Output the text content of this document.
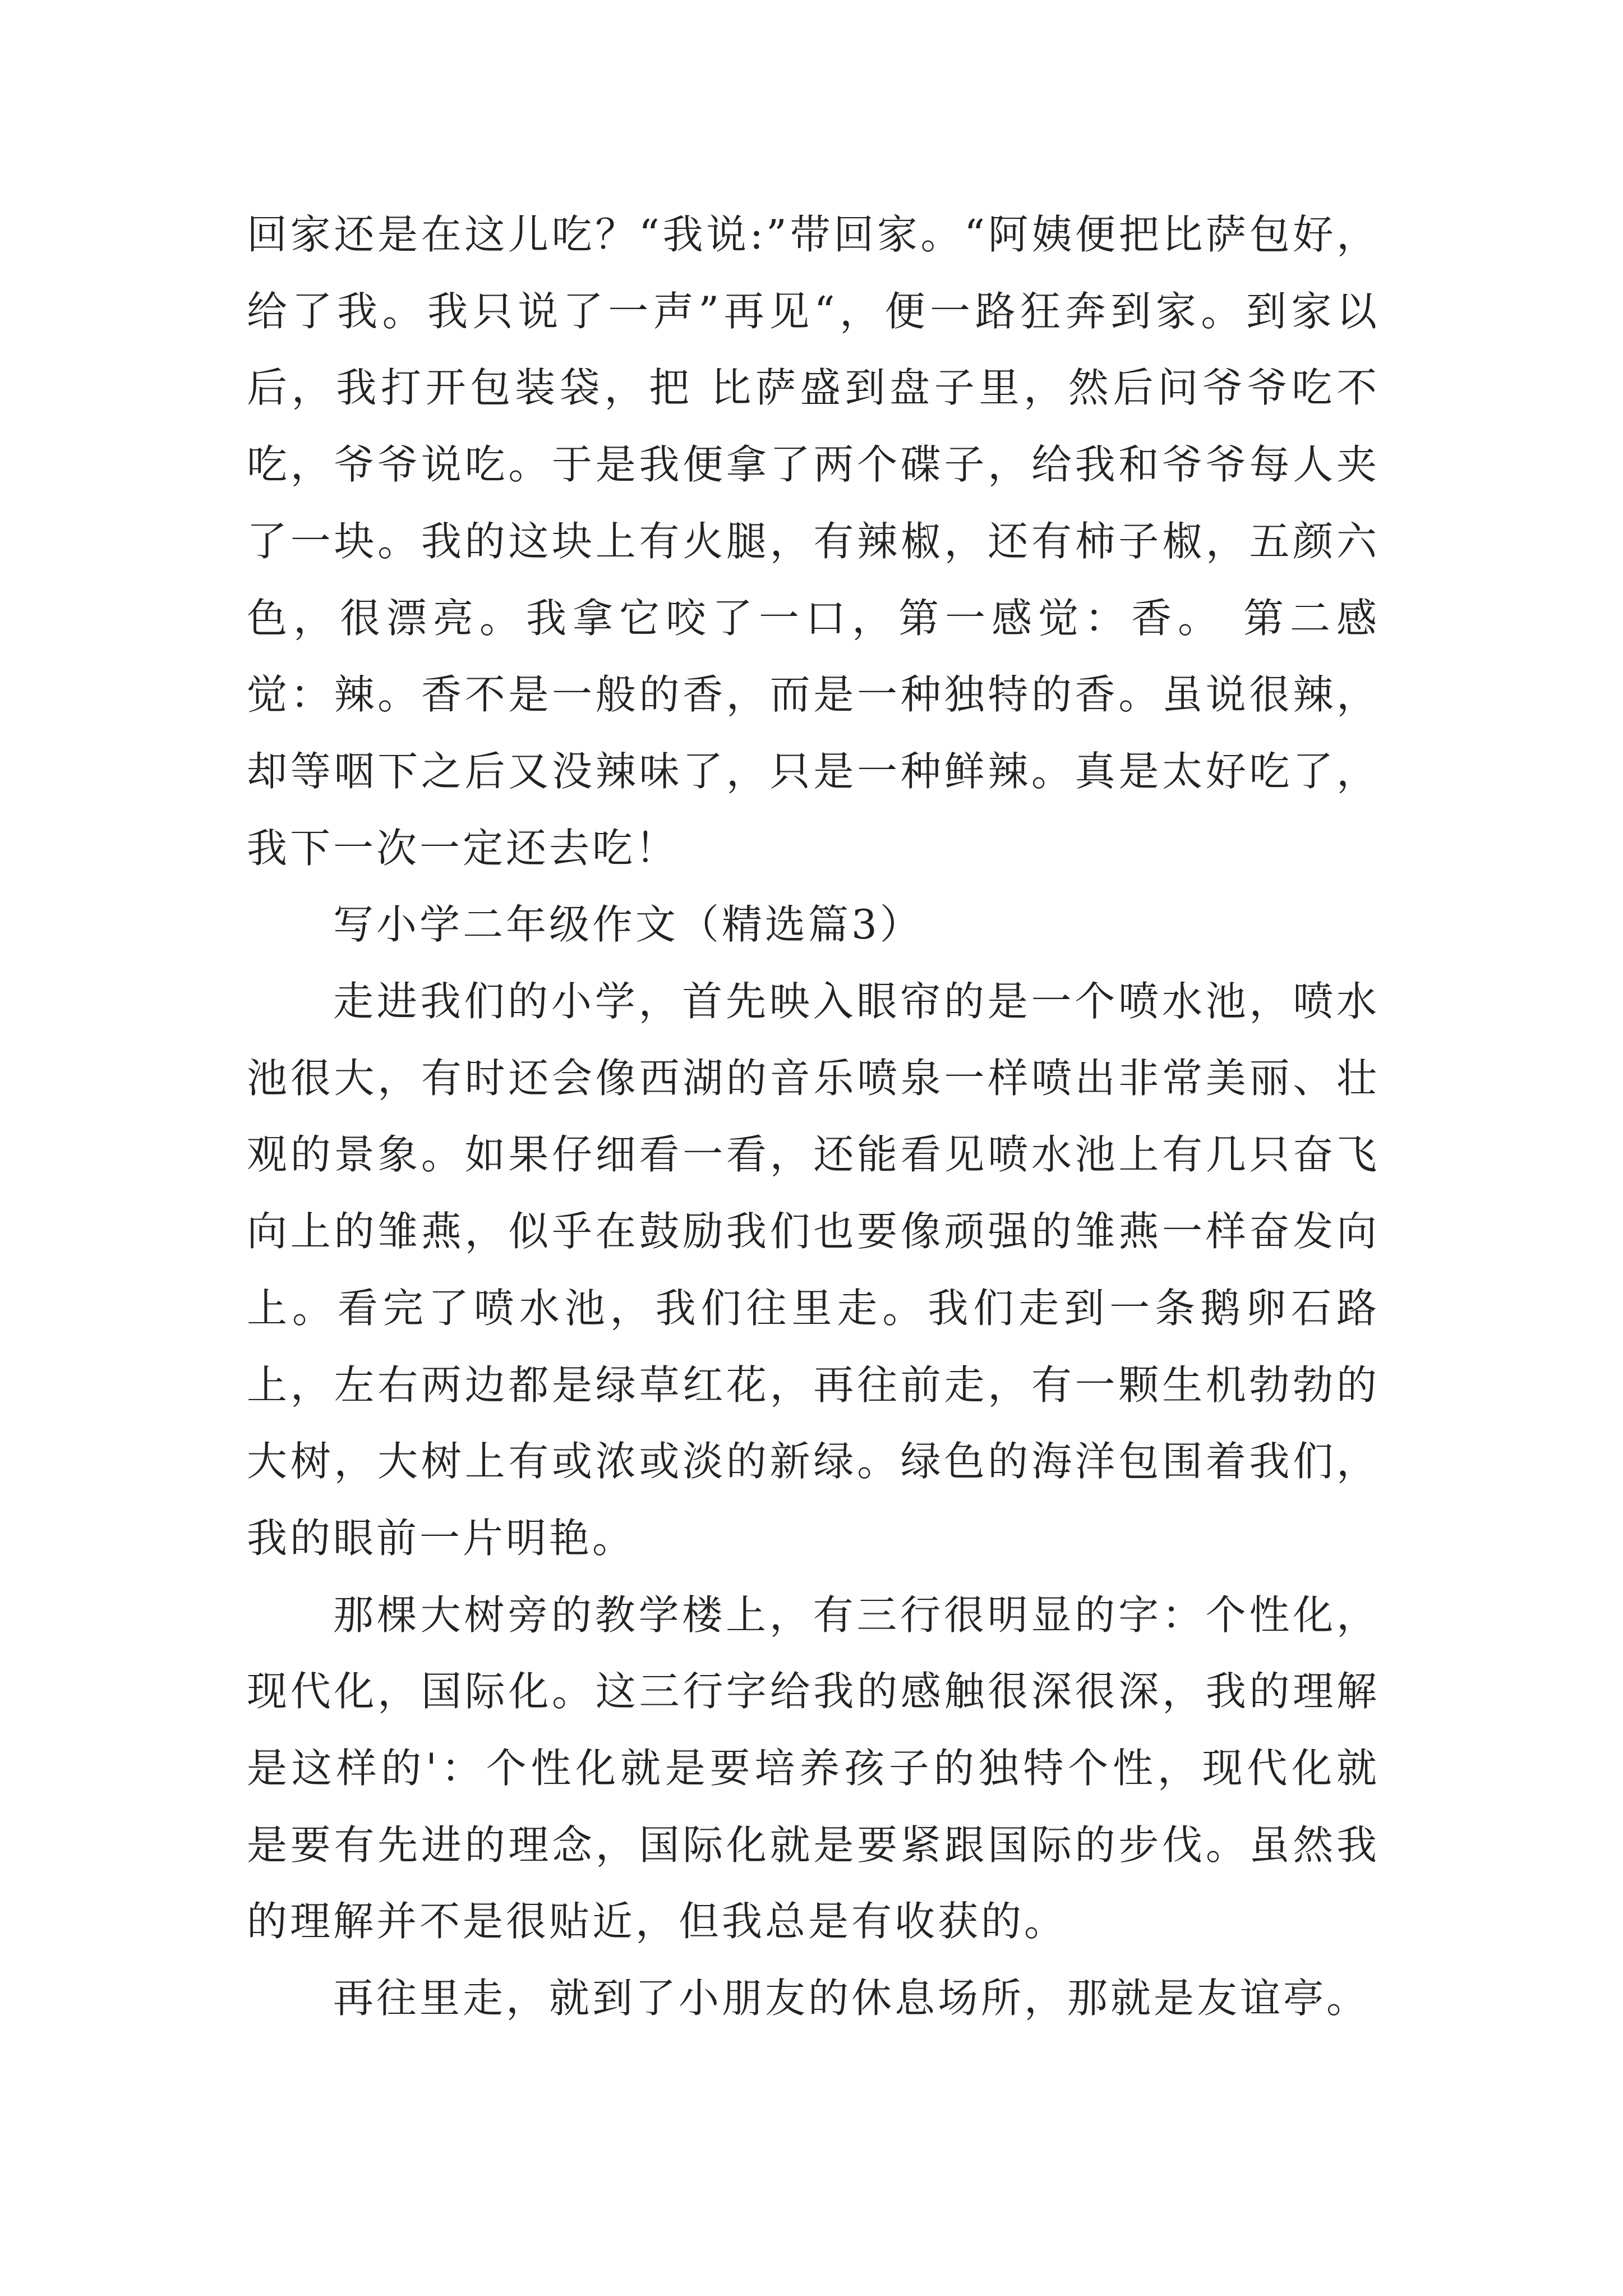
回家还是在这儿吃？“我说:”带回家。“阿姨便把比萨包好，给了我。我只说了一声”再见“，便一路狂奔到家。到家以后，我打开包装袋，把 比萨盛到盘子里，然后问爷爷吃不吃，爷爷说吃。于是我便拿了两个碟子，给我和爷爷每人夹了一块。我的这块上有火腿，有辣椒，还有柿子椒，五颜六色，很漂亮。我拿它咬了一口，第一感觉：香。 第二感觉：辣。香不是一般的香，而是一种独特的香。虽说很辣，却等咽下之后又没辣味了，只是一种鲜辣。真是太好吃了，我下一次一定还去吃！

写小学二年级作文（精选篇3）

走进我们的小学，首先映入眼帘的是一个喷水池，喷水池很大，有时还会像西湖的音乐喷泉一样喷出非常美丽、壮观的景象。如果仔细看一看，还能看见喷水池上有几只奋飞向上的雏燕，似乎在鼓励我们也要像顽强的雏燕一样奋发向上。看完了喷水池，我们往里走。我们走到一条鹅卵石路上，左右两边都是绿草红花，再往前走，有一颗生机勃勃的大树，大树上有或浓或淡的新绿。绿色的海洋包围着我们，我的眼前一片明艳。

那棵大树旁的教学楼上，有三行很明显的字：个性化，现代化，国际化。这三行字给我的感触很深很深，我的理解是这样的'：个性化就是要培养孩子的独特个性，现代化就是要有先进的理念，国际化就是要紧跟国际的步伐。虽然我的理解并不是很贴近，但我总是有收获的。

再往里走，就到了小朋友的休息场所，那就是友谊亭。
